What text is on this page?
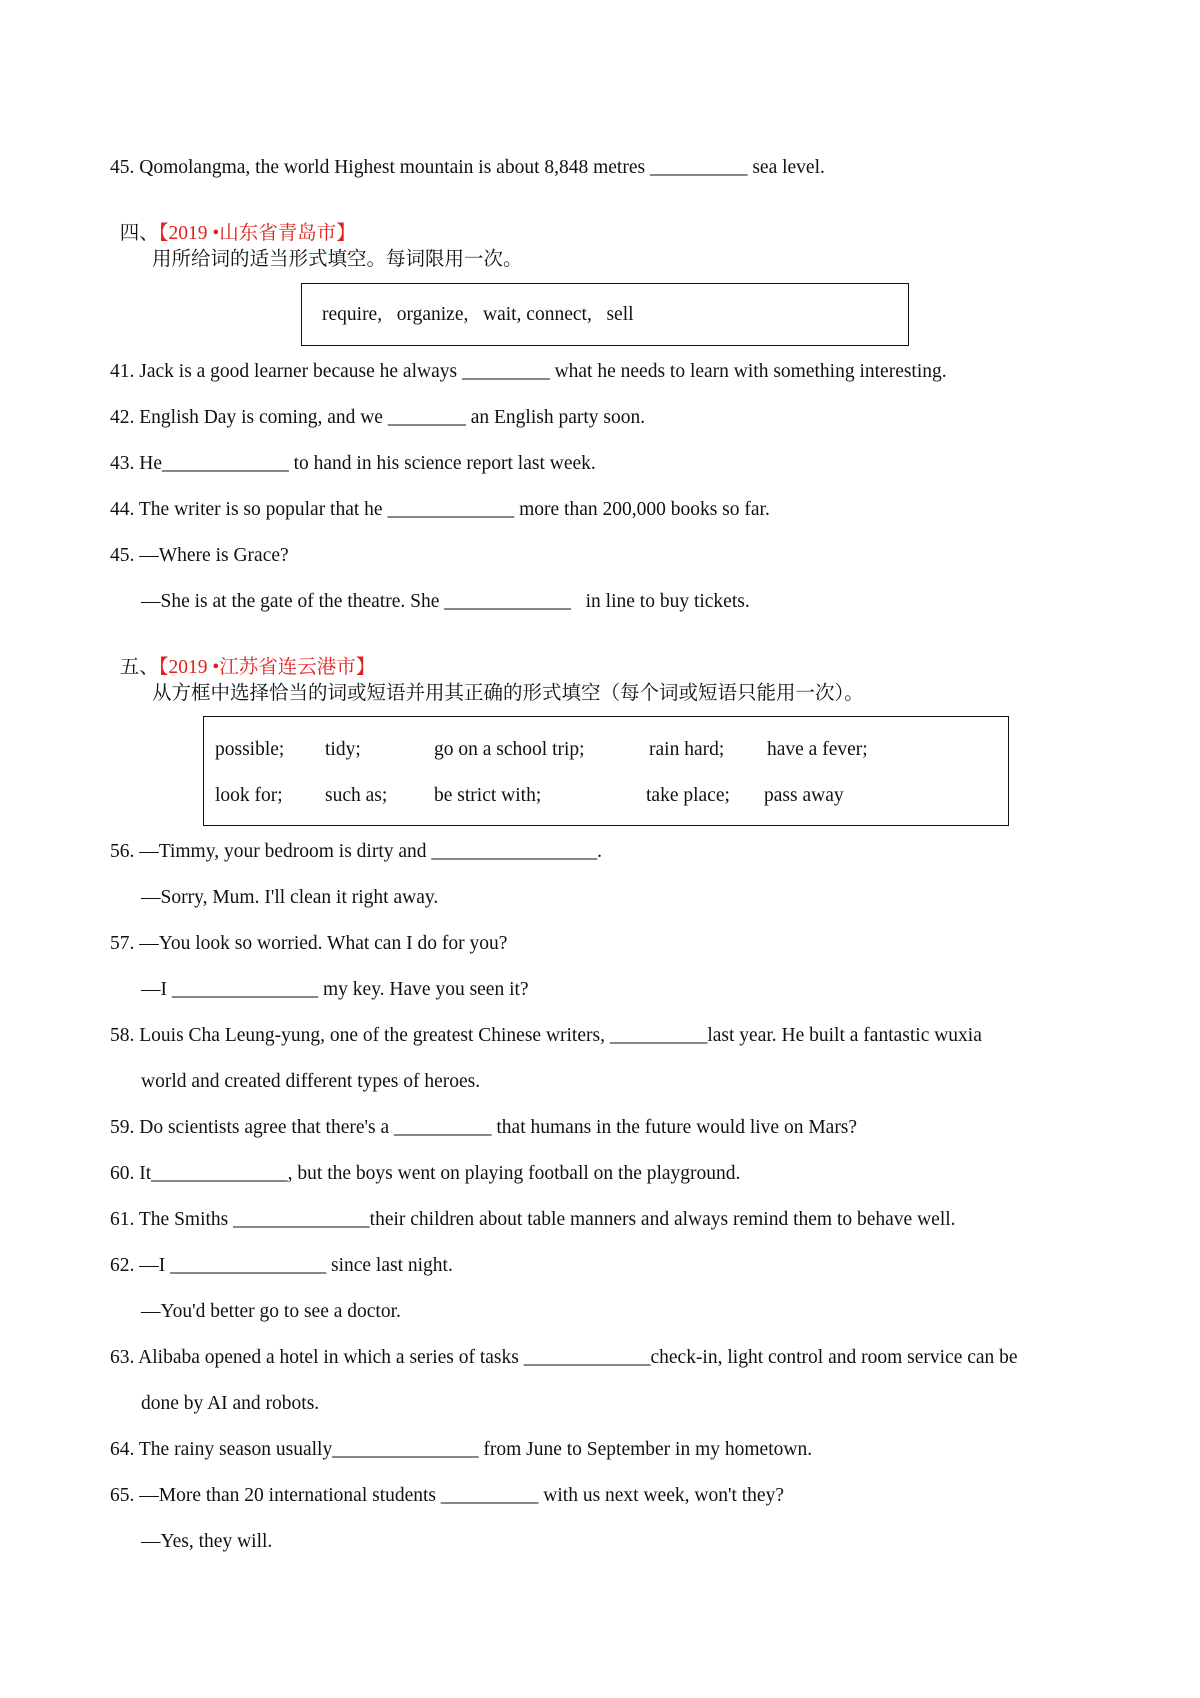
45. Qomolangma, the world Highest mountain is about 8,848 metres __________ sea level.

四、【2019 •山东省青岛市】

用所给词的适当形式填空。每词限用一次。
require,   organize,   wait, connect,   sell
41. Jack is a good learner because he always _________ what he needs to learn with something interesting.
42. English Day is coming, and we ________ an English party soon.
43. He_____________ to hand in his science report last week.
44. The writer is so popular that he _____________ more than 200,000 books so far.
45. —Where is Grace?
—She is at the gate of the theatre. She _____________   in line to buy tickets.

五、【2019 •江苏省连云港市】

从方框中选择恰当的词或短语并用其正确的形式填空（每个词或短语只能用一次）。
possible; tidy;	go on a school trip;	rain hard; have a fever;
look for; such as; be strict with;	take place; pass away
56. —Timmy, your bedroom is dirty and _________________.
—Sorry, Mum. I'll clean it right away.
57. —You look so worried. What can I do for you?
—I _______________ my key. Have you seen it?
58. Louis Cha Leung-yung, one of the greatest Chinese writers, __________last year. He built a fantastic wuxia
world and created different types of heroes.
59. Do scientists agree that there's a __________ that humans in the future would live on Mars?
60. It______________, but the boys went on playing football on the playground.
61. The Smiths ______________their children about table manners and always remind them to behave well.
62. —I ________________ since last night.
—You'd better go to see a doctor.
63. Alibaba opened a hotel in which a series of tasks _____________check-in, light control and room service can be
done by AI and robots.
64. The rainy season usually_______________ from June to September in my hometown.
65. —More than 20 international students __________ with us next week, won't they?
—Yes, they will.
